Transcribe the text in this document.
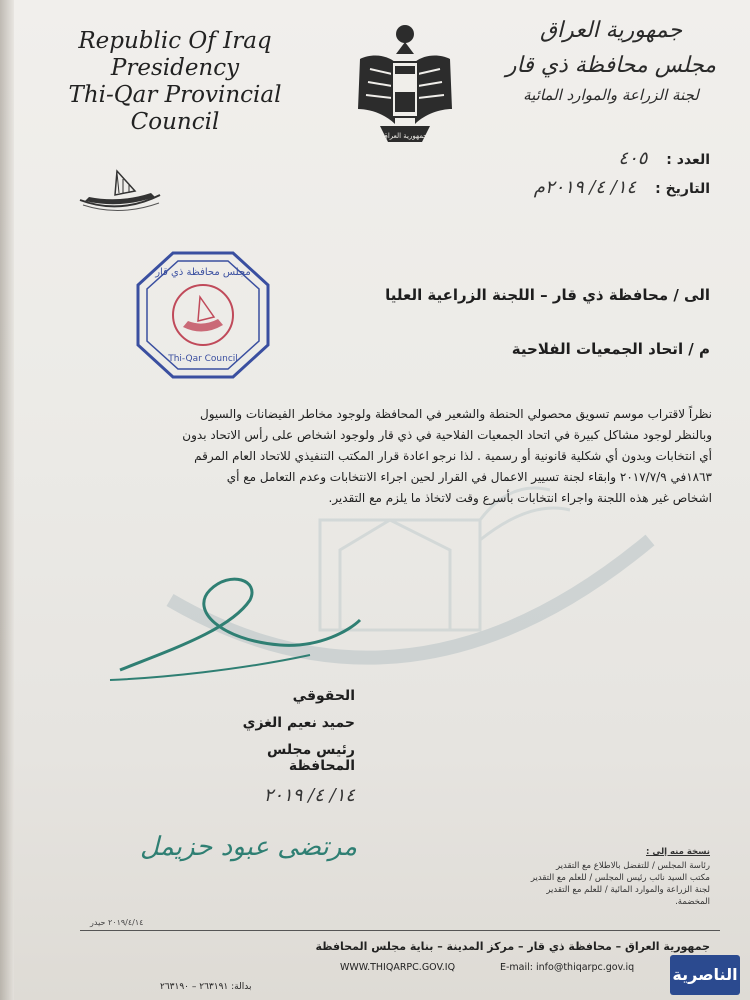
Republic Of Iraq
Presidency
Thi-Qar Provincial
Council
جمهورية العراق
جمهورية العراق
مجلس محافظة ذي قار
لجنة الزراعة والموارد المائية
العدد : ٤٠٥
التاريخ : ١٤/ ٤/ ٢٠١٩م
مجلس محافظة ذي قار
Thi-Qar Council
الى / محافظة ذي قار – اللجنة الزراعية العليا
م / اتحاد الجمعيات الفلاحية
نظراً لاقتراب موسم تسويق محصولي الحنطة والشعير في المحافظة ولوجود مخاطر الفيضانات والسيول
وبالنظر لوجود مشاكل كبيرة في اتحاد الجمعيات الفلاحية في ذي قار ولوجود اشخاص على رأس الاتحاد بدون
أي انتخابات وبدون أي شكلية قانونية أو رسمية . لذا نرجو اعادة قرار المكتب التنفيذي للاتحاد العام المرقم
١٨٦٣في ٢٠١٧/٧/٩ وابقاء لجنة تسيير الاعمال في القرار لحين اجراء الانتخابات وعدم التعامل مع أي
اشخاص غير هذه اللجنة واجراء انتخابات بأسرع وقت لاتخاذ ما يلزم مع التقدير.
الحقوقي
حميد نعيم الغزي
رئيس مجلس المحافظة
١٤/ ٤/ ٢٠١٩
مرتضى عبود حزيمل	نسخة منه إلى :
رئاسة المجلس / للتفضل بالاطلاع مع التقدير
مكتب السيد نائب رئيس المجلس / للعلم مع التقدير
لجنة الزراعة والموارد المائية / للعلم مع التقدير
المخضمة.
٢٠١٩/٤/١٤ حيدر
جمهورية العراق – محافظة ذي قار – مركز المدينة – بناية مجلس المحافظة
WWW.THIQARPC.GOV.IQ	E-mail: info@thiqarpc.gov.iq
بدالة: ٢٦٣١٩١ – ٢٦٣١٩٠
الناصرية
